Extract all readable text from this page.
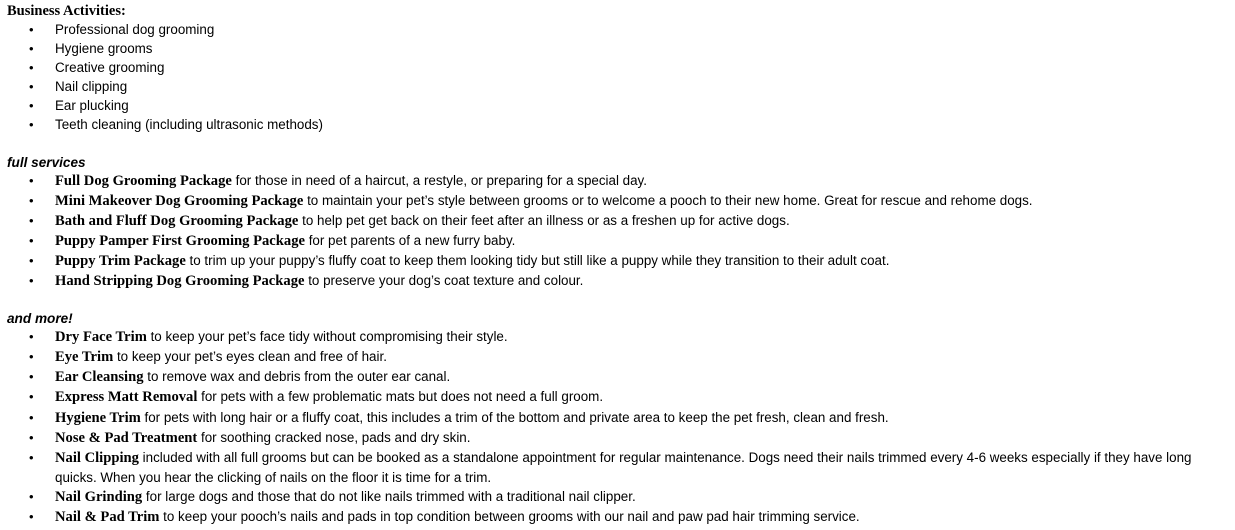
Business Activities:

• Professional dog grooming
• Hygiene grooms
• Creative grooming
• Nail clipping
• Ear plucking
• Teeth cleaning (including ultrasonic methods)

full services

• Full Dog Grooming Package for those in need of a haircut, a restyle, or preparing for a special day.
• Mini Makeover Dog Grooming Package to maintain your pet’s style between grooms or to welcome a pooch to their new home. Great for rescue and rehome dogs.
• Bath and Fluff Dog Grooming Package to help pet get back on their feet after an illness or as a freshen up for active dogs.
• Puppy Pamper First Grooming Package for pet parents of a new furry baby.
• Puppy Trim Package to trim up your puppy’s fluffy coat to keep them looking tidy but still like a puppy while they transition to their adult coat.
• Hand Stripping Dog Grooming Package to preserve your dog’s coat texture and colour.

and more!

• Dry Face Trim to keep your pet’s face tidy without compromising their style.
• Eye Trim to keep your pet’s eyes clean and free of hair.
• Ear Cleansing to remove wax and debris from the outer ear canal.
• Express Matt Removal for pets with a few problematic mats but does not need a full groom.
• Hygiene Trim for pets with long hair or a fluffy coat, this includes a trim of the bottom and private area to keep the pet fresh, clean and fresh.
• Nose & Pad Treatment for soothing cracked nose, pads and dry skin.
• Nail Clipping included with all full grooms but can be booked as a standalone appointment for regular maintenance. Dogs need their nails trimmed every 4-6 weeks especially if they have long quicks. When you hear the clicking of nails on the floor it is time for a trim.
• Nail Grinding for large dogs and those that do not like nails trimmed with a traditional nail clipper.
• Nail & Pad Trim to keep your pooch’s nails and pads in top condition between grooms with our nail and paw pad hair trimming service.
